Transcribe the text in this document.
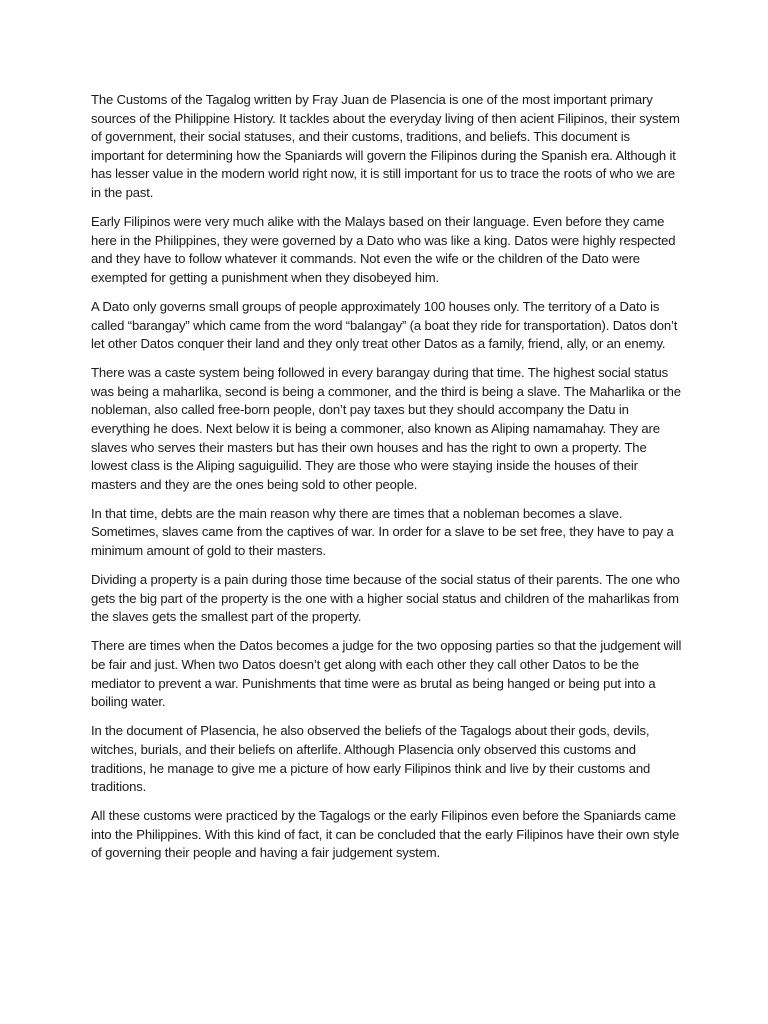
The Customs of the Tagalog written by Fray Juan de Plasencia is one of the most important primary sources of the Philippine History. It tackles about the everyday living of then acient Filipinos, their system of government, their social statuses, and their customs, traditions, and beliefs. This document is important for determining how the Spaniards will govern the Filipinos during the Spanish era. Although it has lesser value in the modern world right now, it is still important for us to trace the roots of who we are in the past.

Early Filipinos were very much alike with the Malays based on their language. Even before they came here in the Philippines, they were governed by a Dato who was like a king. Datos were highly respected and they have to follow whatever it commands. Not even the wife or the children of the Dato were exempted for getting a punishment when they disobeyed him.

A Dato only governs small groups of people approximately 100 houses only. The territory of a Dato is called “barangay” which came from the word “balangay” (a boat they ride for transportation). Datos don’t let other Datos conquer their land and they only treat other Datos as a family, friend, ally, or an enemy.

There was a caste system being followed in every barangay during that time. The highest social status was being a maharlika, second is being a commoner, and the third is being a slave. The Maharlika or the nobleman, also called free-born people, don’t pay taxes but they should accompany the Datu in everything he does. Next below it is being a commoner, also known as Aliping namamahay. They are slaves who serves their masters but has their own houses and has the right to own a property. The lowest class is the Aliping saguiguilid. They are those who were staying inside the houses of their masters and they are the ones being sold to other people.

In that time, debts are the main reason why there are times that a nobleman becomes a slave. Sometimes, slaves came from the captives of war. In order for a slave to be set free, they have to pay a minimum amount of gold to their masters.

Dividing a property is a pain during those time because of the social status of their parents. The one who gets the big part of the property is the one with a higher social status and children of the maharlikas from the slaves gets the smallest part of the property.

There are times when the Datos becomes a judge for the two opposing parties so that the judgement will be fair and just. When two Datos doesn’t get along with each other they call other Datos to be the mediator to prevent a war. Punishments that time were as brutal as being hanged or being put into a boiling water.

In the document of Plasencia, he also observed the beliefs of the Tagalogs about their gods, devils, witches, burials, and their beliefs on afterlife. Although Plasencia only observed this customs and traditions, he manage to give me a picture of how early Filipinos think and live by their customs and traditions.

All these customs were practiced by the Tagalogs or the early Filipinos even before the Spaniards came into the Philippines. With this kind of fact, it can be concluded that the early Filipinos have their own style of governing their people and having a fair judgement system.
